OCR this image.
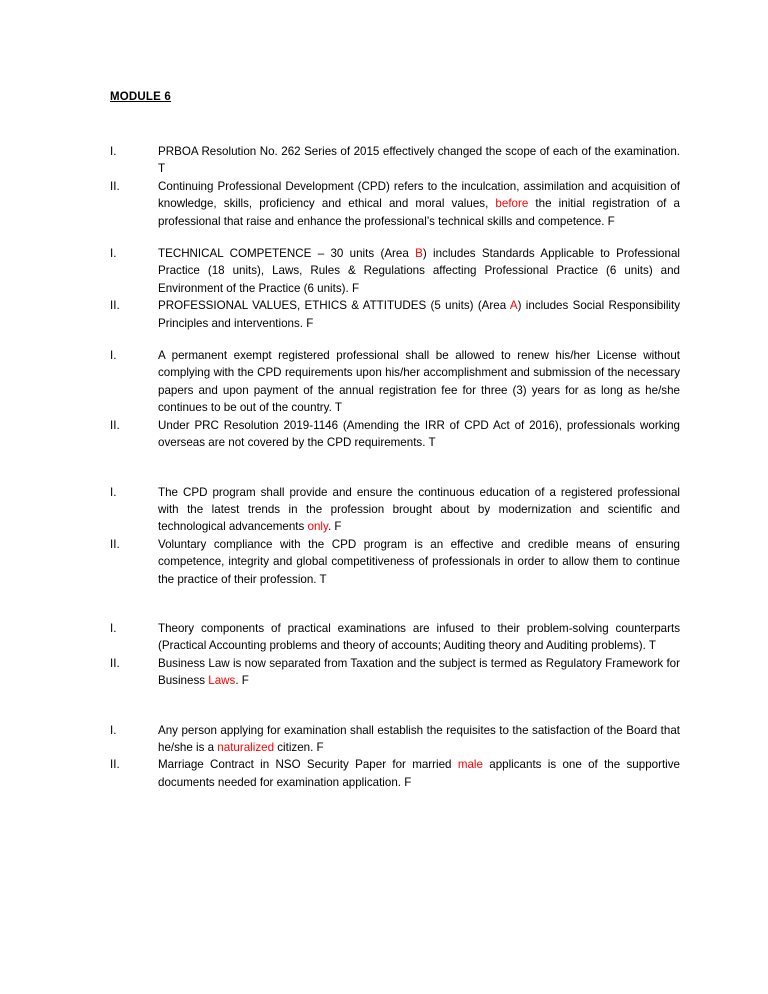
MODULE 6
I.	PRBOA Resolution No. 262 Series of 2015 effectively changed the scope of each of the examination. T
II.	Continuing Professional Development (CPD) refers to the inculcation, assimilation and acquisition of knowledge, skills, proficiency and ethical and moral values, before the initial registration of a professional that raise and enhance the professional’s technical skills and competence. F
I.	TECHNICAL COMPETENCE – 30 units (Area B) includes Standards Applicable to Professional Practice (18 units), Laws, Rules & Regulations affecting Professional Practice (6 units) and Environment of the Practice (6 units). F
II.	PROFESSIONAL VALUES, ETHICS & ATTITUDES (5 units) (Area A) includes Social Responsibility Principles and interventions. F
I.	A permanent exempt registered professional shall be allowed to renew his/her License without complying with the CPD requirements upon his/her accomplishment and submission of the necessary papers and upon payment of the annual registration fee for three (3) years for as long as he/she continues to be out of the country. T
II.	Under PRC Resolution 2019-1146 (Amending the IRR of CPD Act of 2016), professionals working overseas are not covered by the CPD requirements. T
I.	The CPD program shall provide and ensure the continuous education of a registered professional with the latest trends in the profession brought about by modernization and scientific and technological advancements only. F
II.	Voluntary compliance with the CPD program is an effective and credible means of ensuring competence, integrity and global competitiveness of professionals in order to allow them to continue the practice of their profession. T
I.	Theory components of practical examinations are infused to their problem-solving counterparts (Practical Accounting problems and theory of accounts; Auditing theory and Auditing problems). T
II.	Business Law is now separated from Taxation and the subject is termed as Regulatory Framework for Business Laws. F
I.	Any person applying for examination shall establish the requisites to the satisfaction of the Board that he/she is a naturalized citizen. F
II.	Marriage Contract in NSO Security Paper for married male applicants is one of the supportive documents needed for examination application. F
